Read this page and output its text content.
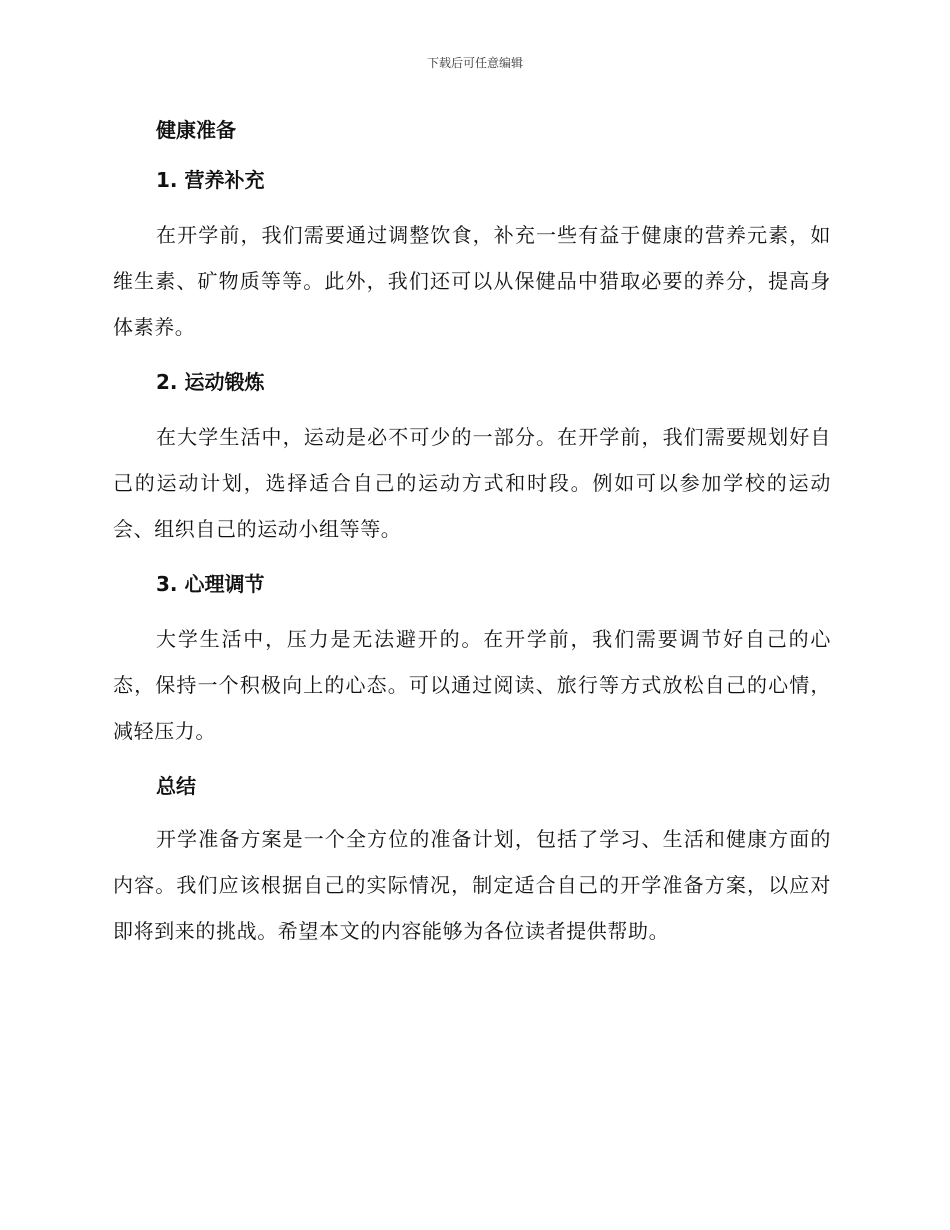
下载后可任意编辑

健康准备

1. 营养补充

在开学前，我们需要通过调整饮食，补充一些有益于健康的营养元素，如维生素、矿物质等等。此外，我们还可以从保健品中猎取必要的养分，提高身体素养。

2. 运动锻炼

在大学生活中，运动是必不可少的一部分。在开学前，我们需要规划好自己的运动计划，选择适合自己的运动方式和时段。例如可以参加学校的运动会、组织自己的运动小组等等。

3. 心理调节

大学生活中，压力是无法避开的。在开学前，我们需要调节好自己的心态，保持一个积极向上的心态。可以通过阅读、旅行等方式放松自己的心情，减轻压力。

总结

开学准备方案是一个全方位的准备计划，包括了学习、生活和健康方面的内容。我们应该根据自己的实际情况，制定适合自己的开学准备方案，以应对即将到来的挑战。希望本文的内容能够为各位读者提供帮助。
